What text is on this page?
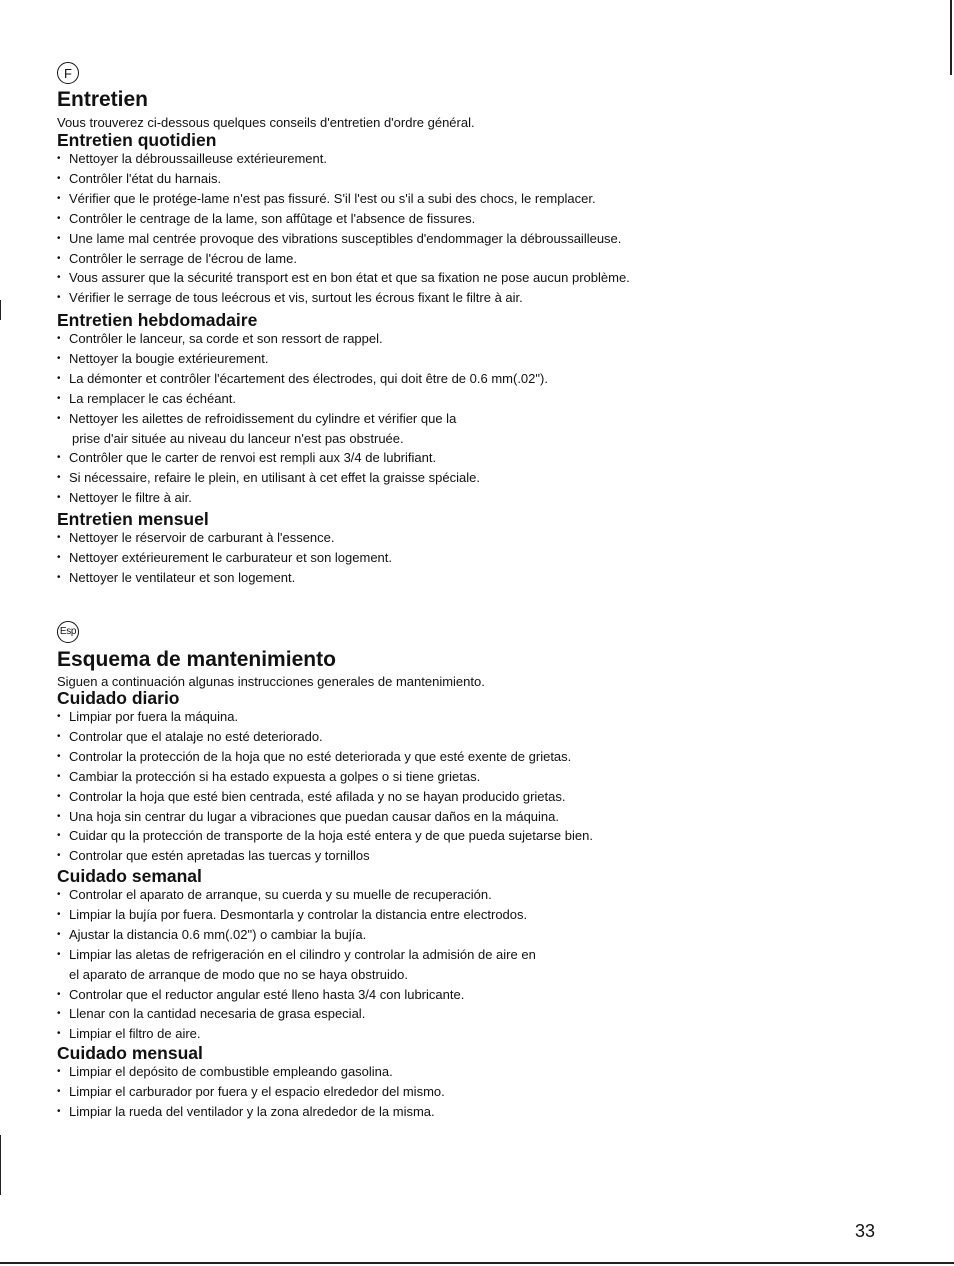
F
Entretien

Vous trouverez ci-dessous quelques conseils d'entretien d'ordre général.

Entretien quotidien
• Nettoyer la débroussailleuse extérieurement.
• Contrôler l'état du harnais.
• Vérifier que le protége-lame n'est pas fissuré. S'il l'est ou s'il a subi des chocs, le remplacer.
• Contrôler le centrage de la lame, son affûtage et l'absence de fissures.
• Une lame mal centrée provoque des vibrations susceptibles d'endommager la débroussailleuse.
• Contrôler le serrage de l'écrou de lame.
• Vous assurer que la sécurité transport est en bon état et que sa fixation ne pose aucun problème.
• Vérifier le serrage de tous leécrous et vis, surtout les écrous fixant le filtre à air.
Entretien hebdomadaire
• Contrôler le lanceur, sa corde et son ressort de rappel.
• Nettoyer la bougie extérieurement.
• La démonter et contrôler l'écartement des électrodes, qui doit être de 0.6 mm(.02").
• La remplacer le cas échéant.
• Nettoyer les ailettes de refroidissement du cylindre et vérifier que la
prise d'air située au niveau du lanceur n'est pas obstruée.
• Contrôler que le carter de renvoi est rempli aux 3/4 de lubrifiant.
• Si nécessaire, refaire le plein, en utilisant à cet effet la graisse spéciale.
• Nettoyer le filtre à air.
Entretien mensuel
• Nettoyer le réservoir de carburant à l'essence.
• Nettoyer extérieurement le carburateur et son logement.
• Nettoyer le ventilateur et son logement.
Esp
Esquema de mantenimiento

Siguen a continuación algunas instrucciones generales de mantenimiento.

Cuidado diario
• Limpiar por fuera la máquina.
• Controlar que el atalaje no esté deteriorado.
• Controlar la protección de la hoja que no esté deteriorada y que esté exente de grietas.
• Cambiar la protección si ha estado expuesta a golpes o si tiene grietas.
• Controlar la hoja que esté bien centrada, esté afilada y no se hayan producido grietas.
• Una hoja sin centrar du lugar a vibraciones que puedan causar daños en la máquina.
• Cuidar qu la protección de transporte de la hoja esté entera y de que pueda sujetarse bien.
• Controlar que estén apretadas las tuercas y tornillos
Cuidado semanal
• Controlar el aparato de arranque, su cuerda y su muelle de recuperación.
• Limpiar la bujía por fuera. Desmontarla y controlar la distancia entre electrodos.
• Ajustar la distancia 0.6 mm(.02") o cambiar la bujía.
• Limpiar las aletas de refrigeración en el cilindro y controlar la admisión de aire en
el aparato de arranque de modo que no se haya obstruido.
• Controlar que el reductor angular esté lleno hasta 3/4 con lubricante.
• Llenar con la cantidad necesaria de grasa especial.
• Limpiar el filtro de aire.
Cuidado mensual
• Limpiar el depósito de combustible empleando gasolina.
• Limpiar el carburador por fuera y el espacio elrededor del mismo.
• Limpiar la rueda del ventilador y la zona alrededor de la misma.
33
